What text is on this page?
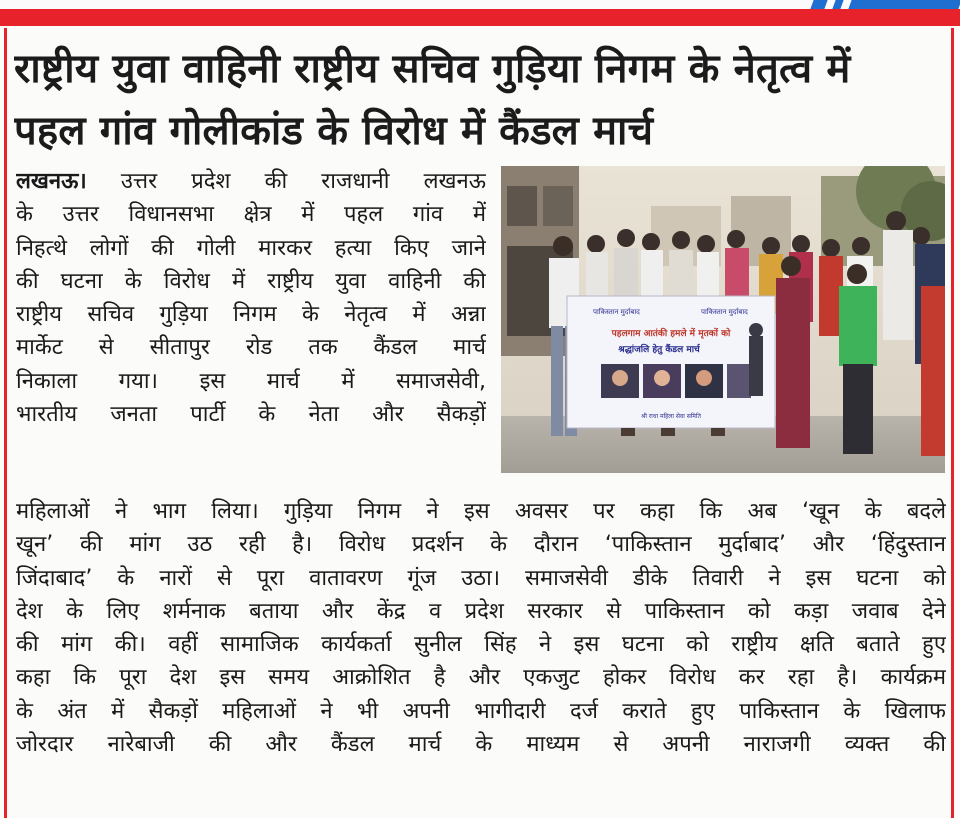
राष्ट्रीय युवा वाहिनी राष्ट्रीय सचिव गुड़िया निगम के नेतृत्व में
पहल गांव गोलीकांड के विरोध में कैंडल मार्च
लखनऊ। उत्तर प्रदेश की राजधानी लखनऊ
के उत्तर विधानसभा क्षेत्र में पहल गांव में
निहत्थे लोगों की गोली मारकर हत्या किए जाने
की घटना के विरोध में राष्ट्रीय युवा वाहिनी की
राष्ट्रीय सचिव गुड़िया निगम के नेतृत्व में अन्ना
मार्केट से सीतापुर रोड तक कैंडल मार्च
निकाला गया। इस मार्च में समाजसेवी,
भारतीय जनता पार्टी के नेता और सैकड़ों
पाकिस्तान मुर्दाबाद	पाकिस्तान मुर्दाबाद
पहलगाम आतंकी हमले में मृतकों को
श्रद्धांजलि हेतु कैंडल मार्च
श्री राधा महिला सेवा समिति
महिलाओं ने भाग लिया। गुड़िया निगम ने इस अवसर पर कहा कि अब ‘खून के बदले
खून’ की मांग उठ रही है। विरोध प्रदर्शन के दौरान ‘पाकिस्तान मुर्दाबाद’ और ‘हिंदुस्तान
जिंदाबाद’ के नारों से पूरा वातावरण गूंज उठा। समाजसेवी डीके तिवारी ने इस घटना को
देश के लिए शर्मनाक बताया और केंद्र व प्रदेश सरकार से पाकिस्तान को कड़ा जवाब देने
की मांग की। वहीं सामाजिक कार्यकर्ता सुनील सिंह ने इस घटना को राष्ट्रीय क्षति बताते हुए
कहा कि पूरा देश इस समय आक्रोशित है और एकजुट होकर विरोध कर रहा है। कार्यक्रम
के अंत में सैकड़ों महिलाओं ने भी अपनी भागीदारी दर्ज कराते हुए पाकिस्तान के खिलाफ
जोरदार नारेबाजी की और कैंडल मार्च के माध्यम से अपनी नाराजगी व्यक्त की
